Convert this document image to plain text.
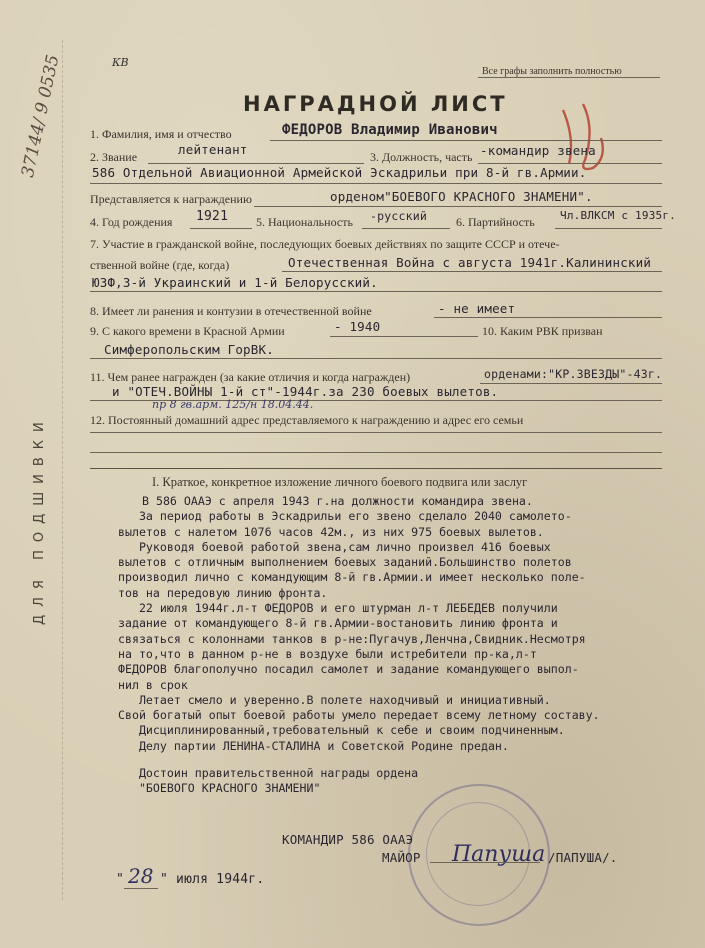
37144/ 9 0535	КВ
Все графы заполнить полностью
НАГРАДНОЙ ЛИСТ
1. Фамилия, имя и отчество	ФЕДОРОВ Владимир Иванович
2. Звание	лейтенант	3. Должность, часть -командир звена
586 Отдельной Авиационной Армейской Эскадрильи при 8-й гв.Армии.
Представляется к награждению	орденом"БОЕВОГО КРАСНОГО ЗНАМЕНИ".
4. Год рождения 1921 5. Национальность -русский 6. Партийность Чл.ВЛКСМ с 1935г.
7. Участие в гражданской войне, последующих боевых действиях по защите СССР и отече-
ственной войне (где, когда)	Отечественная Война с августа 1941г.Калининский
ЮЗФ,3-й Украинский и 1-й Белорусский.
8. Имеет ли ранения и контузии в отечественной войне	- не имеет
9. С какого времени в Красной Армии	- 1940	10. Каким РВК призван
Симферопольским ГорВК.
11. Чем ранее награжден (за какие отличия и когда награжден)	орденами:"КР.ЗВЕЗДЫ"-43г.
и "ОТЕЧ.ВОЙНЫ 1-й ст"-1944г.за 230 боевых вылетов.
пр 8 гв.арм. 125/н 18.04.44.
12. Постоянный домашний адрес представляемого к награждению и адрес его семьи
I. Краткое, конкретное изложение личного боевого подвига или заслуг
ДЛЯ ПОДШИВКИ	В 586 ОААЭ с апреля 1943 г.на должности командира звена.
За период работы в Эскадрильи его звено сделало 2040 самолето-
вылетов с налетом 1076 часов 42м., из них 975 боевых вылетов.
Руководя боевой работой звена,сам лично произвел 416 боевых
вылетов с отличным выполнением боевых заданий.Большинство полетов
производил лично с командующим 8-й гв.Армии.и имеет несколько поле-
тов на передовую линию фронта.
22 июля 1944г.л-т ФЕДОРОВ и его штурман л-т ЛЕБЕДЕВ получили
задание от командующего 8-й гв.Армии-востановить линию фронта и
связаться с колоннами танков в р-не:Пугачув,Ленчна,Свидник.Несмотря
на то,что в данном р-не в воздухе были истребители пр-ка,л-т
ФЕДОРОВ благополучно посадил самолет и задание командующего выпол-
нил в срок
Летает смело и уверенно.В полете находчивый и инициативный.
Свой богатый опыт боевой работы умело передает всему летному составу.
Дисциплинированный,требовательный к себе и своим подчиненным.
Делу партии ЛЕНИНА-СТАЛИНА и Советской Родине предан.
Достоин правительственной награды ордена
"БОЕВОГО КРАСНОГО ЗНАМЕНИ"
КОМАНДИР 586 ОААЭ
МАЙОР Папуша /ПАПУША/.
" 28 " июля 1944г.
